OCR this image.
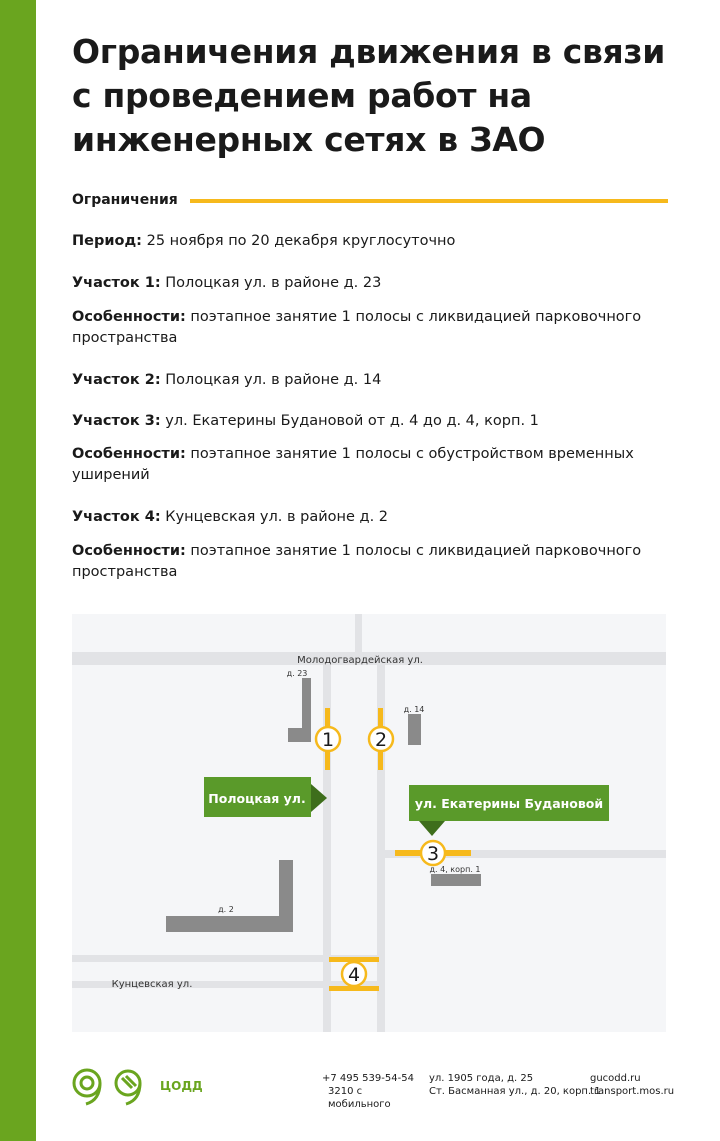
Ограничения движения в связи с проведением работ на инженерных сетях в ЗАО
Ограничения
Период: 25 ноября по 20 декабря круглосуточно
Участок 1: Полоцкая ул. в районе д. 23
Особенности: поэтапное занятие 1 полосы с ликвидацией парковочного пространства
Участок 2: Полоцкая ул. в районе д. 14
Участок 3: ул. Екатерины Будановой от д. 4 до д. 4, корп. 1
Особенности: поэтапное занятие 1 полосы с обустройством временных уширений
Участок 4: Кунцевская ул. в районе д. 2
Особенности: поэтапное занятие 1 полосы с ликвидацией парковочного пространства
1 2
3
4
Полоцкая ул.	ул. Екатерины Будановой
Молодогвардейская ул.
Кунцевская ул.
д. 23
д. 14
д. 2
д. 4, корп. 1
ЦОДД
+7 495 539-54-54
3210 с мобильного
ул. 1905 года, д. 25
Ст. Басманная ул., д. 20, корп. 1
gucodd.ru
transport.mos.ru
